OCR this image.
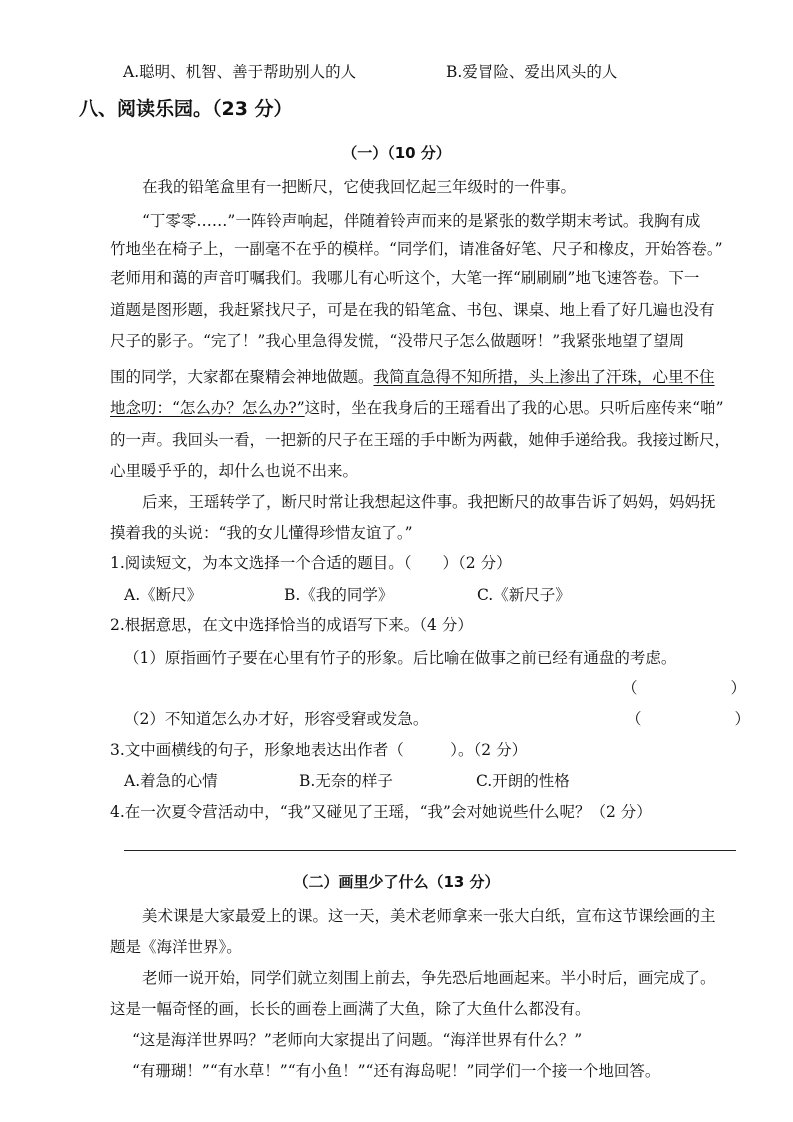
A.聪明、机智、善于帮助别人的人	B.爱冒险、爱出风头的人
八、阅读乐园。（23 分）
（一）（10 分）
在我的铅笔盒里有一把断尺，它使我回忆起三年级时的一件事。
“丁零零……”一阵铃声响起，伴随着铃声而来的是紧张的数学期末考试。我胸有成
竹地坐在椅子上，一副毫不在乎的模样。“同学们，请准备好笔、尺子和橡皮，开始答卷。”
老师用和蔼的声音叮嘱我们。我哪儿有心听这个，大笔一挥“刷刷刷”地飞速答卷。下一
道题是图形题，我赶紧找尺子，可是在我的铅笔盒、书包、课桌、地上看了好几遍也没有
尺子的影子。“完了！”我心里急得发慌，“没带尺子怎么做题呀！”我紧张地望了望周
围的同学，大家都在聚精会神地做题。我简直急得不知所措，头上渗出了汗珠，心里不住
地念叨：“怎么办？怎么办?”这时，坐在我身后的王瑶看出了我的心思。只听后座传来“啪”
的一声。我回头一看，一把新的尺子在王瑶的手中断为两截，她伸手递给我。我接过断尺，
心里暖乎乎的，却什么也说不出来。
后来，王瑶转学了，断尺时常让我想起这件事。我把断尺的故事告诉了妈妈，妈妈抚
摸着我的头说：“我的女儿懂得珍惜友谊了。”
1.阅读短文，为本文选择一个合适的题目。（　　）（2 分）
A.《断尺》	B.《我的同学》	C.《新尺子》
2.根据意思，在文中选择恰当的成语写下来。（4 分）
（1）原指画竹子要在心里有竹子的形象。后比喻在做事之前已经有通盘的考虑。
（　　　　　　）
（2）不知道怎么办才好，形容受窘或发急。	（　　　　　　）
3.文中画横线的句子，形象地表达出作者（　　　）。（2 分）
A.着急的心情	B.无奈的样子	C.开朗的性格
4.在一次夏令营活动中，“我”又碰见了王瑶，“我”会对她说些什么呢？（2 分）
（二）画里少了什么（13 分）
美术课是大家最爱上的课。这一天，美术老师拿来一张大白纸，宣布这节课绘画的主
题是《海洋世界》。
老师一说开始，同学们就立刻围上前去，争先恐后地画起来。半小时后，画完成了。
这是一幅奇怪的画，长长的画卷上画满了大鱼，除了大鱼什么都没有。
“这是海洋世界吗？”老师向大家提出了问题。“海洋世界有什么？”
“有珊瑚！”“有水草！”“有小鱼！”“还有海岛呢！”同学们一个接一个地回答。
